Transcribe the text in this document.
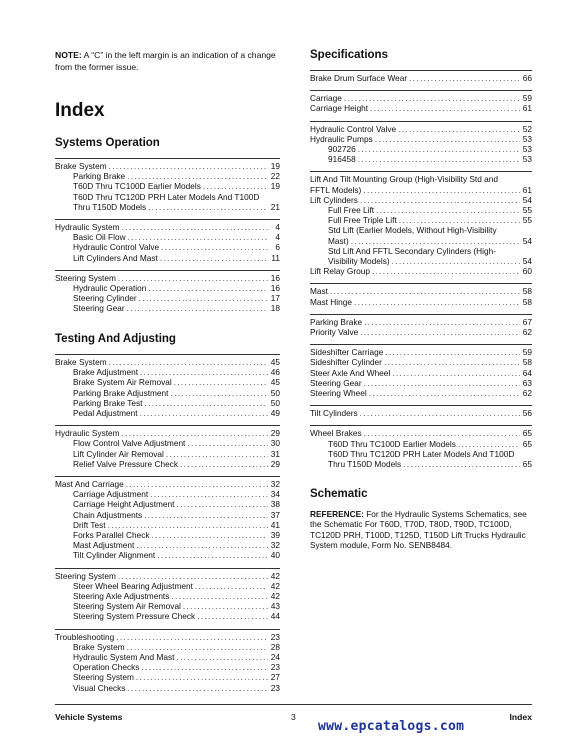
NOTE: A “C” in the left margin is an indication of a change from the former issue.
Index
Systems Operation
Brake System . . .	19
Parking Brake . . .	22
T60D Thru TC100D Earlier Models . . .	19
T60D Thru TC120D PRH Later Models And T100D
Thru T150D Models . . .	21
Hydraulic System . . .	4
Basic Oil Flow . . .	4
Hydraulic Control Valve . . .	6
Lift Cylinders And Mast . . .	11
Steering System . . .	16
Hydraulic Operation . . .	16
Steering Cylinder . . .	17
Steering Gear . . .	18
Testing And Adjusting
Brake System . . .	45
Brake Adjustment . . .	46
Brake System Air Removal . . .	45
Parking Brake Adjustment . . .	50
Parking Brake Test . . .	50
Pedal Adjustment . . .	49
Hydraulic System . . .	29
Flow Control Valve Adjustment . . .	30
Lift Cylinder Air Removal . . .	31
Relief Valve Pressure Check . . .	29
Mast And Carriage . . .	32
Carriage Adjustment . . .	34
Carriage Height Adjustment . . .	38
Chain Adjustments . . .	37
Drift Test . . .	41
Forks Parallel Check . . .	39
Mast Adjustment . . .	32
Tilt Cylinder Alignment . . .	40
Steering System . . .	42
Steer Wheel Bearing Adjustment . . .	42
Steering Axle Adjustments . . .	42
Steering System Air Removal . . .	43
Steering System Pressure Check . . .	44
Troubleshooting . . .	23
Brake System . . .	28
Hydraulic System And Mast . . .	24
Operation Checks . . .	23
Steering System . . .	27
Visual Checks . . .	23
Specifications
Brake Drum Surface Wear . . .	66
Carriage . . .	59
Carriage Height . . .	61
Hydraulic Control Valve . . .	52
Hydraulic Pumps . . .	53
902726 . . .	53
916458 . . .	53
Lift And Tilt Mounting Group (High-Visibility Std and
FFTL Models) . . .	61
Lift Cylinders . . .	54
Full Free Lift . . .	55
Full Free Triple Lift . . .	55
Std Lift (Earlier Models, Without High-Visibility
Mast) . . .	54
Std Lift And FFTL Secondary Cylinders (High-
Visibility Models) . . .	54
Lift Relay Group . . .	60
Mast . . .	58
Mast Hinge . . .	58
Parking Brake . . .	67
Priority Valve . . .	62
Sideshifter Carriage . . .	59
Sideshifter Cylinder . . .	58
Steer Axle And Wheel . . .	64
Steering Gear . . .	63
Steering Wheel . . .	62
Tilt Cylinders . . .	56
Wheel Brakes . . .	65
T60D Thru TC100D Earlier Models . . .	65
T60D Thru TC120D PRH Later Models And T100D
Thru T150D Models . . .	65
Schematic
REFERENCE: For the Hydraulic Systems Schematics, see the Schematic For T60D, T70D, T80D, T90D, TC100D, TC120D PRH, T100D, T125D, T150D Lift Trucks Hydraulic System module, Form No. SENB8484.
Vehicle Systems	3	Index
www.epcatalogs.com
